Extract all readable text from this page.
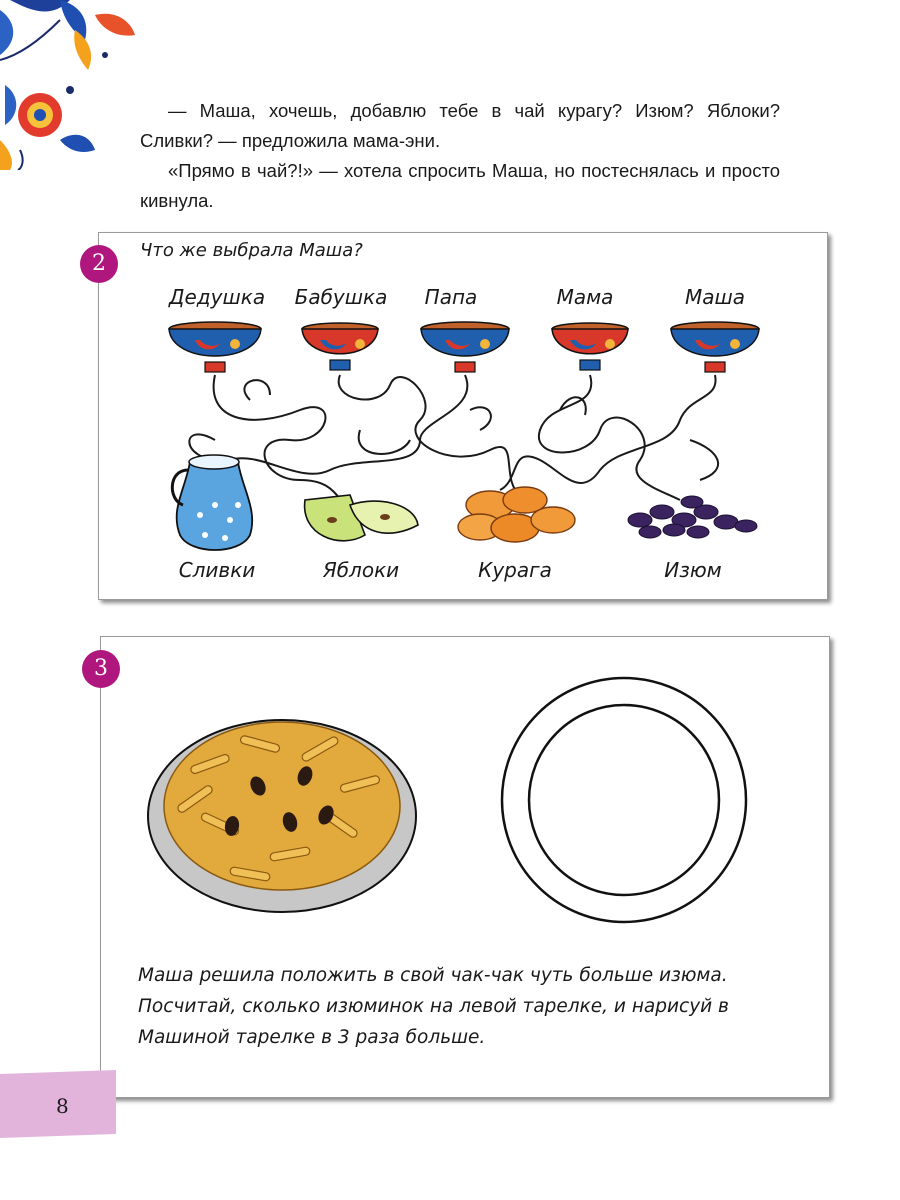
— Маша, хочешь, добавлю тебе в чай курагу? Изюм? Яблоки? Сливки? — предложила мама-эни.

«Прямо в чай?!» — хотела спросить Маша, но постеснялась и просто кивнула.

2
Что же выбрала Маша?
Дедушка	Бабушка	Папа	Мама	Маша
Сливки	Яблоки	Курага	Изюм
3
Маша решила положить в свой чак-чак чуть больше изюма. Посчитай, сколько изюминок на левой тарелке, и нарисуй в Машиной тарелке в 3 раза больше.
8
